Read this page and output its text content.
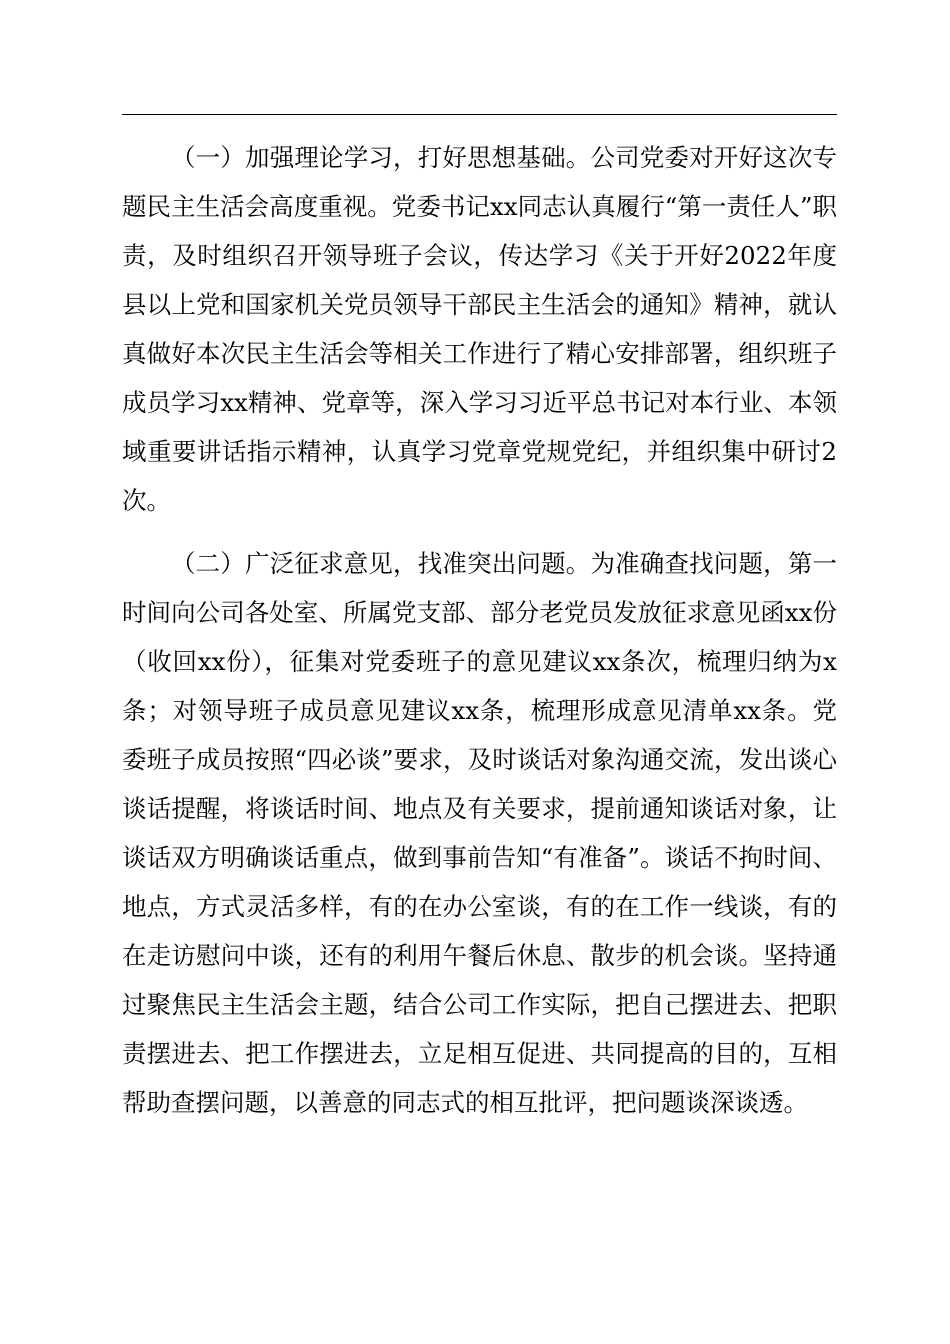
（一）加强理论学习，打好思想基础。公司党委对开好这次专题民主生活会高度重视。党委书记xx同志认真履行“第一责任人”职责，及时组织召开领导班子会议，传达学习《关于开好2022年度县以上党和国家机关党员领导干部民主生活会的通知》精神，就认真做好本次民主生活会等相关工作进行了精心安排部署，组织班子成员学习xx精神、党章等，深入学习习近平总书记对本行业、本领域重要讲话指示精神，认真学习党章党规党纪，并组织集中研讨2次。

（二）广泛征求意见，找准突出问题。为准确查找问题，第一时间向公司各处室、所属党支部、部分老党员发放征求意见函xx份（收回xx份），征集对党委班子的意见建议xx条次，梳理归纳为x条；对领导班子成员意见建议xx条，梳理形成意见清单xx条。党委班子成员按照“四必谈”要求，及时谈话对象沟通交流，发出谈心谈话提醒，将谈话时间、地点及有关要求，提前通知谈话对象，让谈话双方明确谈话重点，做到事前告知“有准备”。谈话不拘时间、地点，方式灵活多样，有的在办公室谈，有的在工作一线谈，有的在走访慰问中谈，还有的利用午餐后休息、散步的机会谈。坚持通过聚焦民主生活会主题，结合公司工作实际，把自己摆进去、把职责摆进去、把工作摆进去，立足相互促进、共同提高的目的，互相帮助查摆问题，以善意的同志式的相互批评，把问题谈深谈透。
